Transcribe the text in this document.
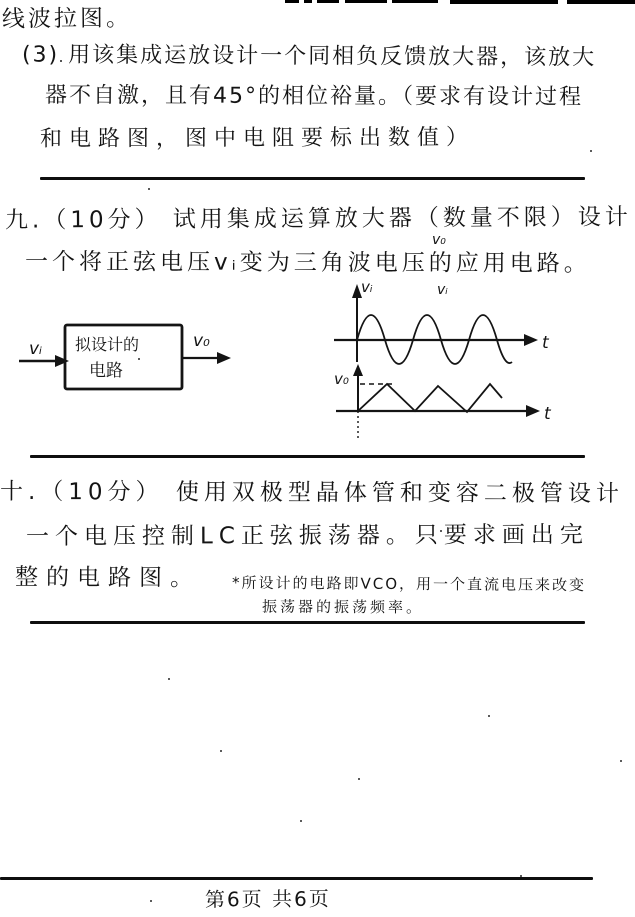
线波拉图。
(3) 用该集成运放设计一个同相负反馈放大器，该放大
器不自激，且有45°的相位裕量。（要求有设计过程
和电路图，图中电阻要标出数值）
九.（10分） 试用集成运算放大器（数量不限）设计
一个将正弦电压vᵢ变为三角波电压的应用电路。
v₀
vᵢ
vᵢ 拟设计的
电路
v₀
vᵢ
t
v₀
t
十.（10分） 使用双极型晶体管和变容二极管设计
一个电压控制LC正弦振荡器。只要求画出完
整的电路图。 *所设计的电路即VCO，用一个直流电压来改变
振荡器的振荡频率。
第6页 共6页
